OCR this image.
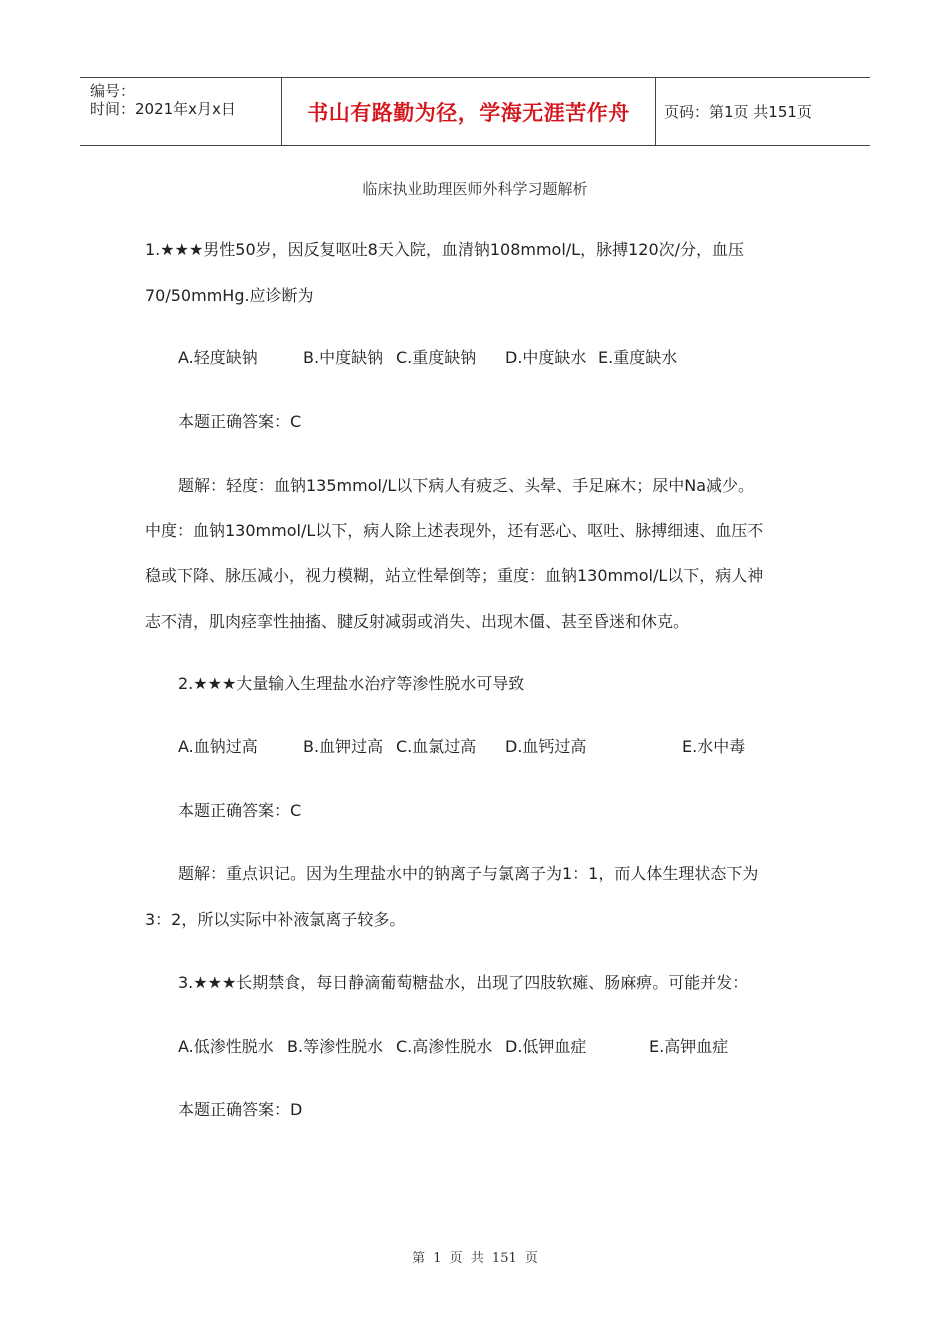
编号：
时间：2021年x月x日	书山有路勤为径，学海无涯苦作舟	页码：第1页 共151页
临床执业助理医师外科学习题解析
1.★★★男性50岁，因反复呕吐8天入院，血清钠108mmol/L，脉搏120次/分，血压
70/50mmHg.应诊断为
A.轻度缺钠	B.中度缺钠 C.重度缺钠 D.中度缺水 E.重度缺水
本题正确答案：C
题解：轻度：血钠135mmol/L以下病人有疲乏、头晕、手足麻木；尿中Na减少。
中度：血钠130mmol/L以下，病人除上述表现外，还有恶心、呕吐、脉搏细速、血压不
稳或下降、脉压减小，视力模糊，站立性晕倒等；重度：血钠130mmol/L以下，病人神
志不清，肌肉痉挛性抽搐、腱反射减弱或消失、出现木僵、甚至昏迷和休克。
2.★★★大量输入生理盐水治疗等渗性脱水可导致
A.血钠过高	B.血钾过高 C.血氯过高 D.血钙过高	E.水中毒
本题正确答案：C
题解：重点识记。因为生理盐水中的钠离子与氯离子为1：1，而人体生理状态下为
3：2，所以实际中补液氯离子较多。
3.★★★长期禁食，每日静滴葡萄糖盐水，出现了四肢软瘫、肠麻痹。可能并发：
A.低渗性脱水 B.等渗性脱水 C.高渗性脱水 D.低钾血症	E.高钾血症
本题正确答案：D
第 1 页 共 151 页
